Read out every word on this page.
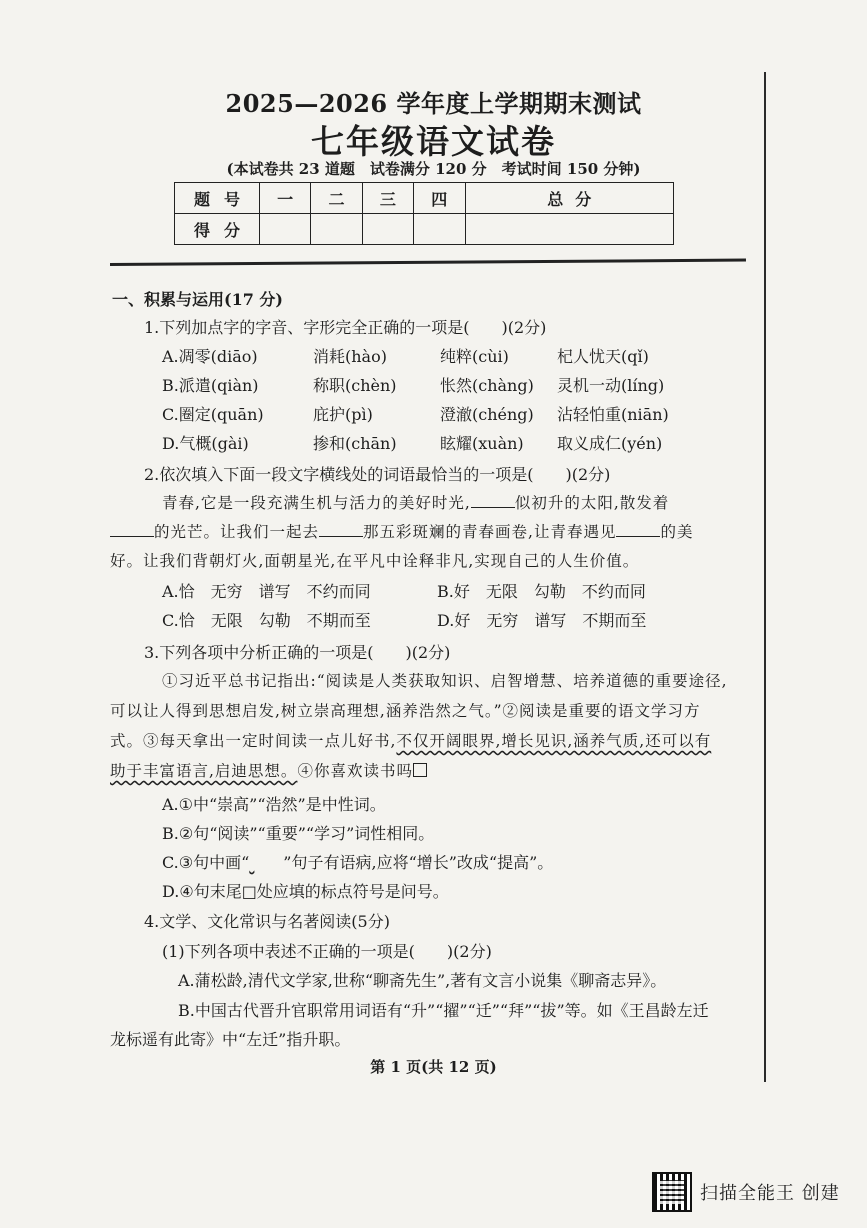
2025—2026 学年度上学期期末测试
七年级语文试卷
(本试卷共 23 道题　试卷满分 120 分　考试时间 150 分钟)
题号	一	二	三	四	总分
得分					
一、积累与运用(17 分)
1.下列加点字的字音、字形完全正确的一项是(　　)(2分)
A.凋零(diāo)	消耗(hào)	纯粹(cùi)	杞人忧天(qǐ)
B.派遣(qiàn)	称职(chèn)	怅然(chàng) 灵机一动(líng)
C.圈定(quān)	庇护(pì)	澄澈(chéng) 沾轻怕重(niān)
D.气概(gài)	掺和(chān)	眩耀(xuàn) 取义成仁(yén)
2.依次填入下面一段文字横线处的词语最恰当的一项是(　　)(2分)
青春,它是一段充满生机与活力的美好时光,	似初升的太阳,散发着
的光芒。让我们一起去	那五彩斑斓的青春画卷,让青春遇见	的美
好。让我们背朝灯火,面朝星光,在平凡中诠释非凡,实现自己的人生价值。
A.恰　无穷　谱写　不约而同	B.好　无限　勾勒　不约而同
C.恰　无限　勾勒　不期而至	D.好　无穷　谱写　不期而至
3.下列各项中分析正确的一项是(　　)(2分)
①习近平总书记指出:“阅读是人类获取知识、启智增慧、培养道德的重要途径,
可以让人得到思想启发,树立崇高理想,涵养浩然之气。”②阅读是重要的语文学习方
式。③每天拿出一定时间读一点儿好书,不仅开阔眼界,增长见识,涵养气质,还可以有
助于丰富语言,启迪思想。④你喜欢读书吗
A.①中“崇高”“浩然”是中性词。
B.②句“阅读”“重要”“学习”词性相同。
C.③句中画“ ”句子有语病,应将“增长”改成“提高”。
D.④句末尾□处应填的标点符号是问号。
4.文学、文化常识与名著阅读(5分)
(1)下列各项中表述不正确的一项是(　　)(2分)
A.蒲松龄,清代文学家,世称“聊斋先生”,著有文言小说集《聊斋志异》。
B.中国古代晋升官职常用词语有“升”“擢”“迁”“拜”“拔”等。如《王昌龄左迁
龙标遥有此寄》中“左迁”指升职。
第 1 页(共 12 页)
扫描全能王 创建
